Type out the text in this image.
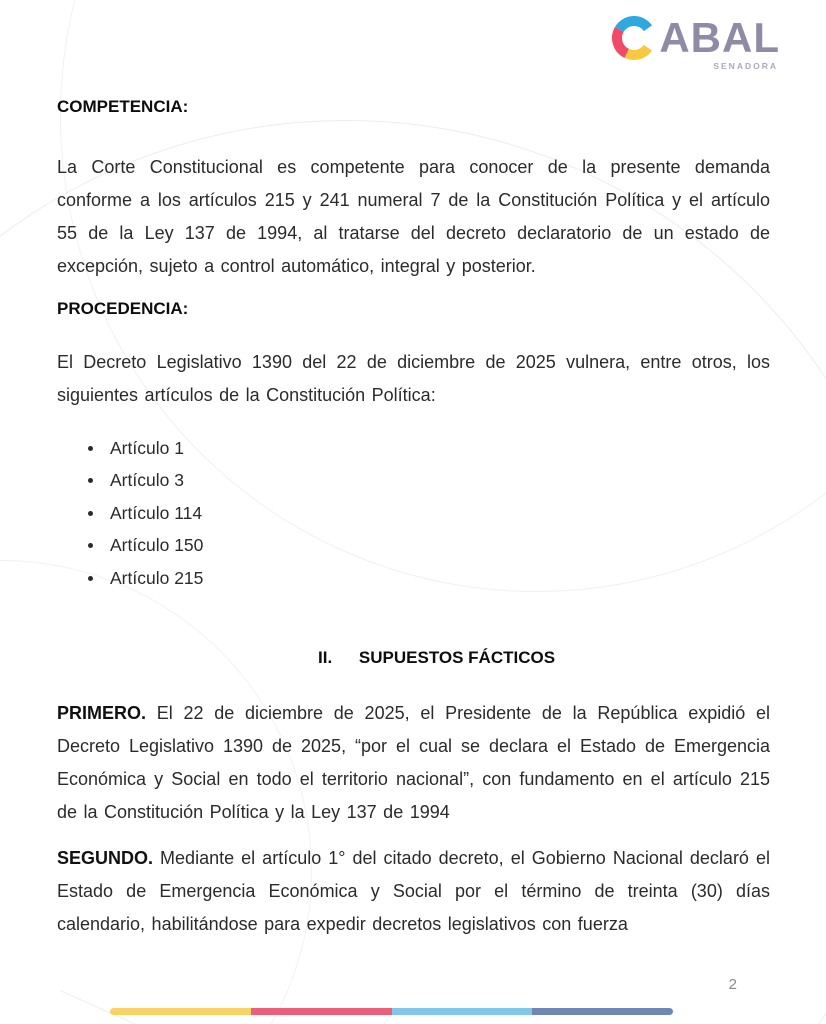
ABAL
SENADORA
COMPETENCIA:

La Corte Constitucional es competente para conocer de la presente demanda conforme a los artículos 215 y 241 numeral 7 de la Constitución Política y el artículo 55 de la Ley 137 de 1994, al tratarse del decreto declaratorio de un estado de excepción, sujeto a control automático, integral y posterior.

PROCEDENCIA:

El Decreto Legislativo 1390 del 22 de diciembre de 2025 vulnera, entre otros, los siguientes artículos de la Constitución Política:

Artículo 1
Artículo 3
Artículo 114
Artículo 150
Artículo 215
II. SUPUESTOS FÁCTICOS

PRIMERO. El 22 de diciembre de 2025, el Presidente de la República expidió el Decreto Legislativo 1390 de 2025, “por el cual se declara el Estado de Emergencia Económica y Social en todo el territorio nacional”, con fundamento en el artículo 215 de la Constitución Política y la Ley 137 de 1994

SEGUNDO. Mediante el artículo 1° del citado decreto, el Gobierno Nacional declaró el Estado de Emergencia Económica y Social por el término de treinta (30) días calendario, habilitándose para expedir decretos legislativos con fuerza

2
